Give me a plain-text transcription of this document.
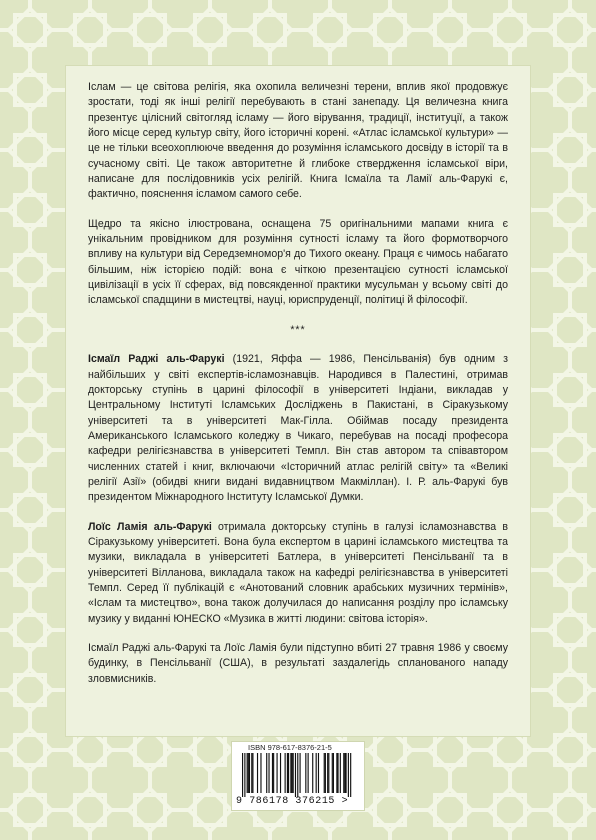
Іслам — це світова релігія, яка охопила величезні терени, вплив якої продовжує зростати, тоді як інші релігії перебувають в стані занепаду. Ця величезна книга презентує цілісний світогляд ісламу — його вірування, традиції, інституції, а також його місце серед культур світу, його історичні корені. «Атлас ісламської культури» — це не тільки всеохоплююче введення до розуміння ісламського досвіду в історії та в сучасному світі. Це також авторитетне й глибоке ствердження ісламської віри, написане для послідовників усіх релігій. Книга Ісмаїла та Ламії аль-Фарукі є, фактично, пояснення ісламом самого себе.

Щедро та якісно ілюстрована, оснащена 75 оригінальними мапами книга є унікальним провідником для розуміння сутності ісламу та його формотворчого впливу на культури від Середземномор'я до Тихого океану. Праця є чимось набагато більшим, ніж історією подій: вона є чіткою презентацією сутності ісламської цивілізації в усіх її сферах, від повсякденної практики мусульман у всьому світі до ісламської спадщини в мистецтві, науці, юриспруденції, політиці й філософії.

***

Ісмаїл Раджі аль-Фарукі (1921, Яффа — 1986, Пенсільванія) був одним з найбільших у світі експертів-ісламознавців. Народився в Палестині, отримав докторську ступінь в царині філософії в університеті Індіани, викладав у Центральному Інституті Ісламських Досліджень в Пакистані, в Сіракузькому університеті та в університеті Мак-Гілла. Обіймав посаду президента Американського Ісламського коледжу в Чикаго, перебував на посаді професора кафедри релігієзнавства в університеті Темпл. Він став автором та співавтором численних статей і книг, включаючи «Історичний атлас релігій світу» та «Великі релігії Азії» (обидві книги видані видавництвом Макміллан). І. Р. аль-Фарукі був президентом Міжнародного Інституту Ісламської Думки.

Лоїс Ламія аль-Фарукі отримала докторську ступінь в галузі ісламознавства в Сіракузькому університеті. Вона була експертом в царині ісламського мистецтва та музики, викладала в університеті Батлера, в університеті Пенсільванії та в університеті Вілланова, викладала також на кафедрі релігієзнавства в університеті Темпл. Серед її публікацій є «Анотований словник арабських музичних термінів», «Іслам та мистецтво», вона також долучилася до написання розділу про ісламську музику у виданні ЮНЕСКО «Музика в житті людини: світова історія».

Ісмаїл Раджі аль-Фарукі та Лоїс Ламія були підступно вбиті 27 травня 1986 у своєму будинку, в Пенсільванії (США), в результаті заздалегідь спланованого нападу зловмисників.

ISBN 978-617-8376-21-5
9 786178 376215 >
